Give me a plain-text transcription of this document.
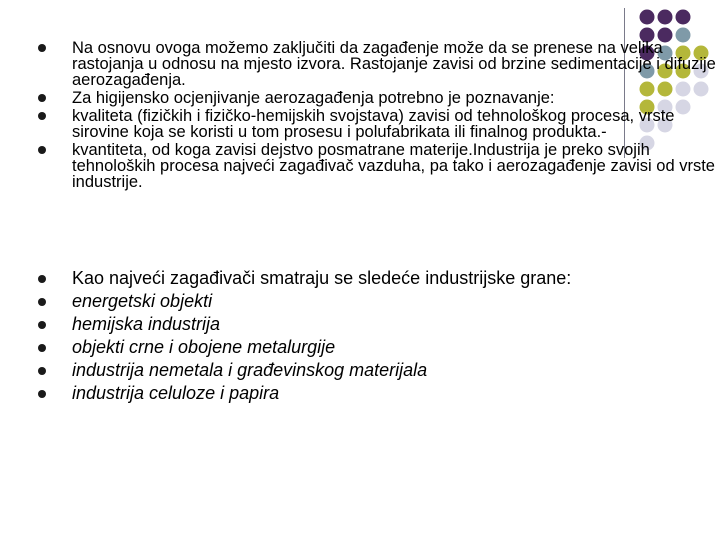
Na osnovu ovoga možemo zaključiti da zagađenje može da se prenese na velika rastojanja u odnosu na mjesto izvora. Rastojanje zavisi od brzine sedimentacije i difuzije aerozagađenja.
Za higijensko ocjenjivanje aerozagađenja potrebno je poznavanje:
kvaliteta (fizičkih i fizičko-hemijskih svojstava) zavisi od tehnološkog procesa, vrste sirovine koja se koristi u tom prosesu i polufabrikata ili finalnog produkta.-
kvantiteta, od koga zavisi dejstvo posmatrane materije.Industrija je preko svojih tehnoloških procesa najveći zagađivač vazduha, pa tako i aerozagađenje zavisi od vrste industrije.
Kao najveći zagađivači smatraju se sledeće industrijske grane:
energetski objekti
hemijska industrija
objekti crne i obojene metalurgije
industrija nemetala i građevinskog materijala
industrija celuloze i papira
